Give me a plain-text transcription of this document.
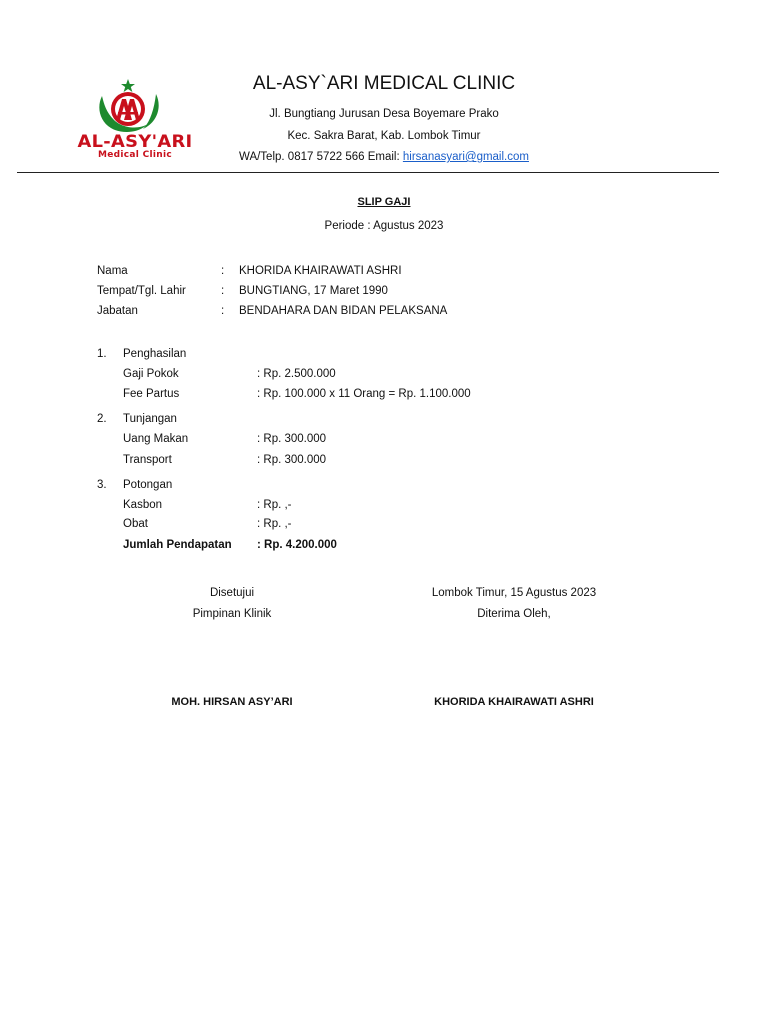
AL-ASY'ARI
Medical Clinic
AL-ASY`ARI MEDICAL CLINIC
Jl. Bungtiang Jurusan Desa Boyemare Prako
Kec. Sakra Barat, Kab. Lombok Timur
WA/Telp. 0817 5722 566 Email: hirsanasyari@gmail.com
SLIP GAJI
Periode : Agustus 2023
Nama	: KHORIDA KHAIRAWATI ASHRI
Tempat/Tgl. Lahir	: BUNGTIANG, 17 Maret 1990
Jabatan	: BENDAHARA DAN BIDAN PELAKSANA
1. Penghasilan
Gaji Pokok	: Rp. 2.500.000
Fee Partus	: Rp. 100.000 x 11 Orang = Rp. 1.100.000
2. Tunjangan
Uang Makan	: Rp. 300.000
Transport	: Rp. 300.000
3. Potongan
Kasbon	: Rp. ,-
Obat	: Rp. ,-
Jumlah Pendapatan : Rp. 4.200.000
Disetujui
Pimpinan Klinik
MOH. HIRSAN ASY’ARI
Lombok Timur, 15 Agustus 2023
Diterima Oleh,
KHORIDA KHAIRAWATI ASHRI
